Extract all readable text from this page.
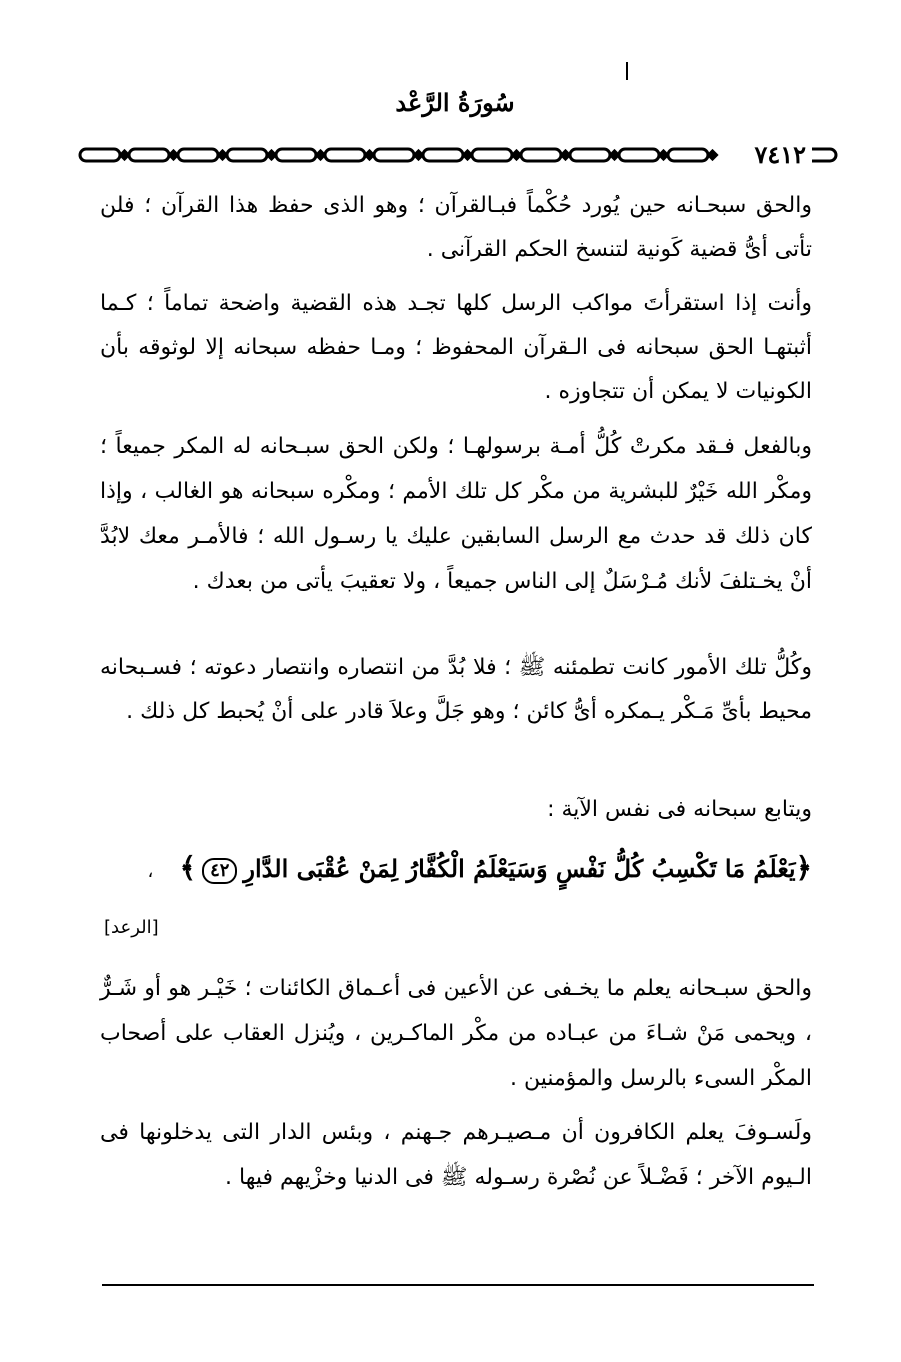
سُورَةُ الرَّعْد
٧٤١٢
والحق سبحـانه حين يُورد حُكْماً فبـالقرآن ؛ وهو الذى حفظ هذا القرآن ؛ فلن تأتى أىُّ قضية كَونية لتنسخ الحكم القرآنى .
وأنت إذا استقرأتَ مواكب الرسل كلها تجـد هذه القضية واضحة تماماً ؛ كـما أثبتهـا الحق سبحانه فى الـقرآن المحفوظ ؛ ومـا حفظه سبحانه إلا لوثوقه بأن الكونيات لا يمكن أن تتجاوزه .
وبالفعل فـقد مكرتْ كُلُّ أمـة برسولهـا ؛ ولكن الحق سبـحانه له المكر جميعاً ؛ ومكْر الله خَيْرٌ للبشرية من مكْر كل تلك الأمم ؛ ومكْره سبحانه هو الغالب ، وإذا كان ذلك قد حدث مع الرسل السابقين عليك يا رسـول الله ؛ فالأمـر معك لابُدَّ أنْ يخـتلفَ لأنك مُـرْسَلٌ إلى الناس جميعاً ، ولا تعقيبَ يأتى من بعدك .
وكُلُّ تلك الأمور كانت تطمئنه ﷺ ؛ فلا بُدَّ من انتصاره وانتصار دعوته ؛ فسـبحانه محيط بأىِّ مَـكْر يـمكره أىُّ كائن ؛ وهو جَلَّ وعلاَ قادر على أنْ يُحبط كل ذلك .
ويتابع سبحانه فى نفس الآية :
﴿يَعْلَمُ مَا تَكْسِبُ كُلُّ نَفْسٍ وَسَيَعْلَمُ الْكُفَّارُ لِمَنْ عُقْبَى الدَّارِ٤٢﴾ ،
[الرعد]
والحق سبـحانه يعلم ما يخـفى عن الأعين فى أعـماق الكائنات ؛ خَيْـر هو أو شَـرٌّ ، ويحمى مَنْ شـاءَ من عبـاده من مكْر الماكـرين ، ويُنزل العقاب على أصحاب المكْر السىء بالرسل والمؤمنين .
ولَسـوفَ يعلم الكافرون أن مـصيـرهم جـهنم ، وبئس الدار التى يدخلونها فى الـيوم الآخر ؛ فَضْـلاً عن نُصْرة رسـوله ﷺ فى الدنيا وخزْيهم فيها .
